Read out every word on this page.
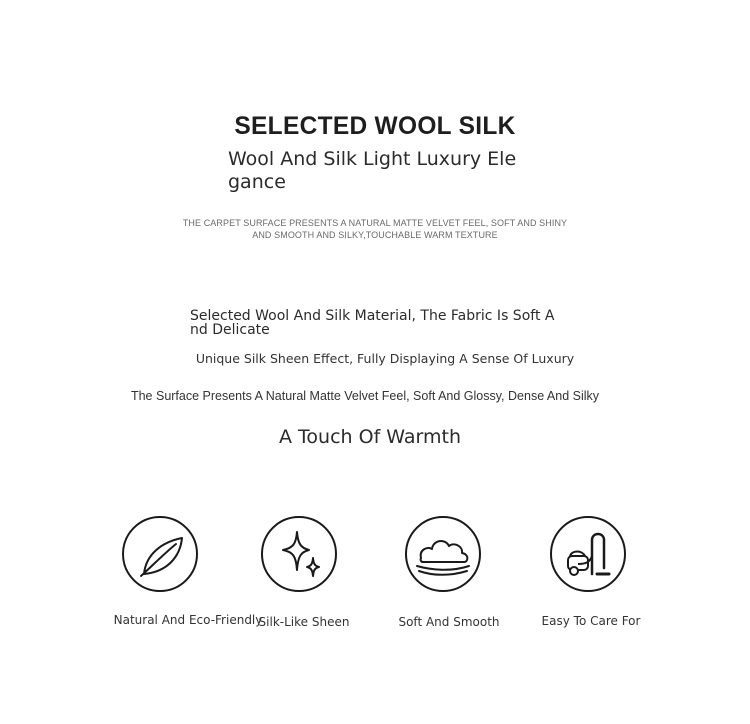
SELECTED WOOL SILK
Wool And Silk Light Luxury Elegance
THE CARPET SURFACE PRESENTS A NATURAL MATTE VELVET FEEL, SOFT AND SHINY AND SMOOTH AND SILKY,TOUCHABLE WARM TEXTURE
Selected Wool And Silk Material, The Fabric Is Soft And Delicate
Unique Silk Sheen Effect, Fully Displaying A Sense Of Luxury
The Surface Presents A Natural Matte Velvet Feel, Soft And Glossy, Dense And Silky
A Touch Of Warmth
Natural And Eco-Friendly
Silk-Like Sheen	Soft And Smooth	Easy To Care For
